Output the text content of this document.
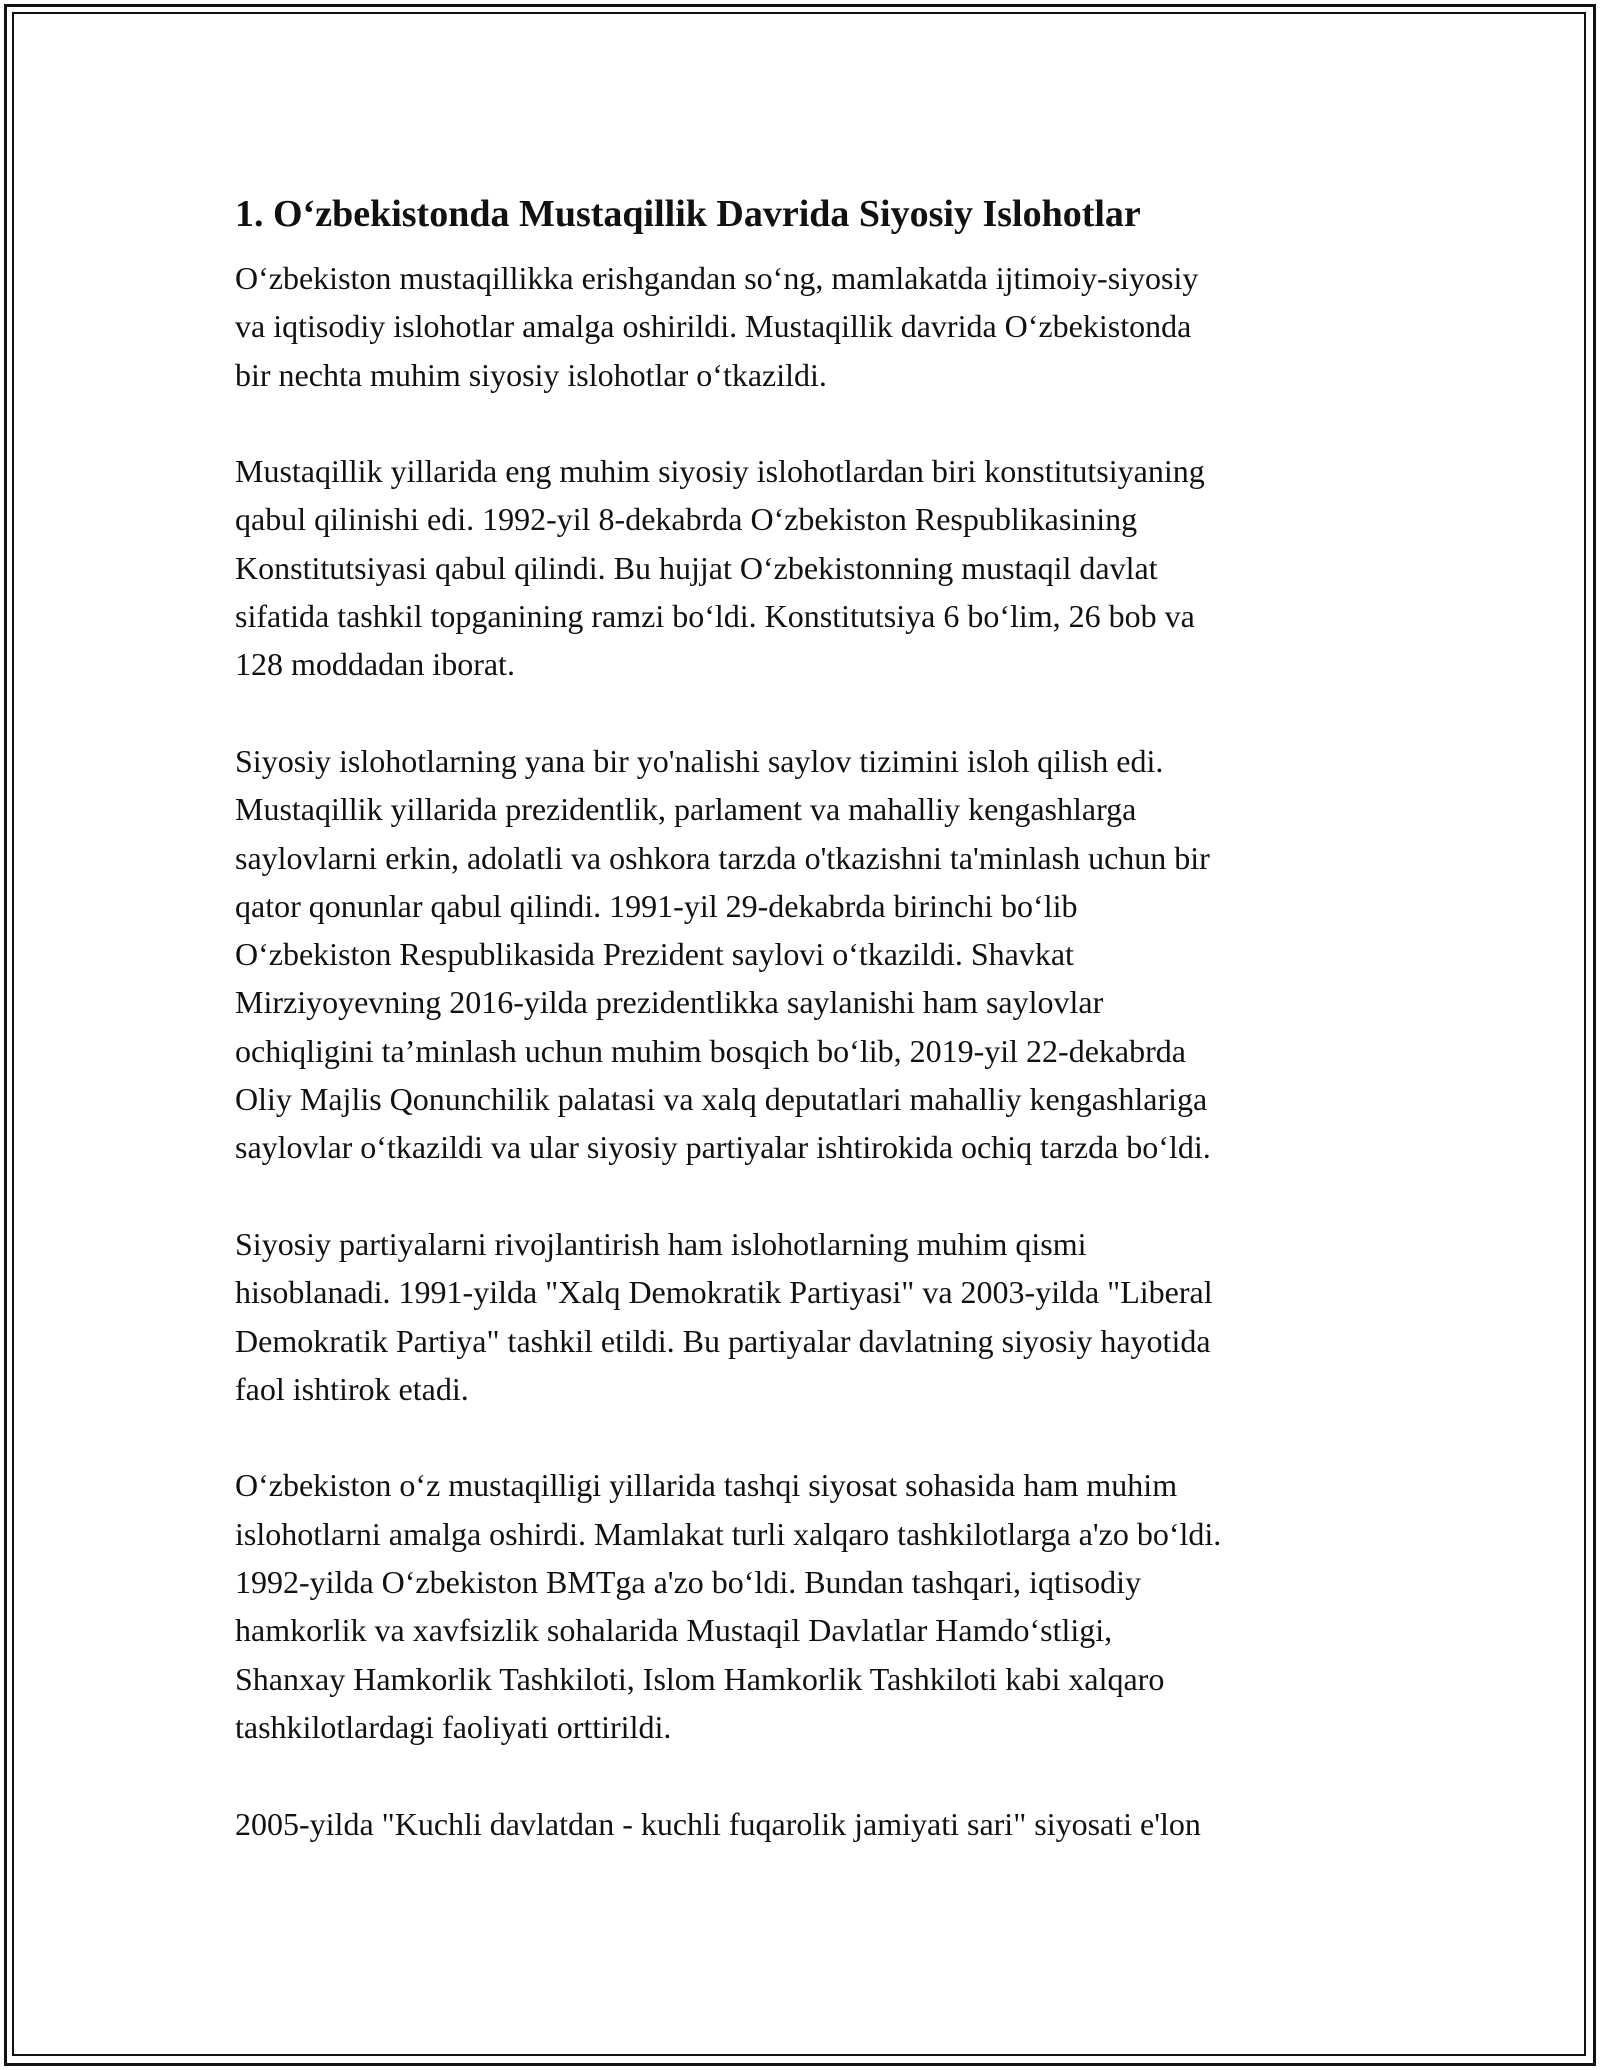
1. O‘zbekistonda Mustaqillik Davrida Siyosiy Islohotlar
O‘zbekiston mustaqillikka erishgandan so‘ng, mamlakatda ijtimoiy-siyosiy
va iqtisodiy islohotlar amalga oshirildi. Mustaqillik davrida O‘zbekistonda
bir nechta muhim siyosiy islohotlar o‘tkazildi.
Mustaqillik yillarida eng muhim siyosiy islohotlardan biri konstitutsiyaning
qabul qilinishi edi. 1992-yil 8-dekabrda O‘zbekiston Respublikasining
Konstitutsiyasi qabul qilindi. Bu hujjat O‘zbekistonning mustaqil davlat
sifatida tashkil topganining ramzi bo‘ldi. Konstitutsiya 6 bo‘lim, 26 bob va
128 moddadan iborat.
Siyosiy islohotlarning yana bir yo'nalishi saylov tizimini isloh qilish edi.
Mustaqillik yillarida prezidentlik, parlament va mahalliy kengashlarga
saylovlarni erkin, adolatli va oshkora tarzda o'tkazishni ta'minlash uchun bir
qator qonunlar qabul qilindi. 1991-yil 29-dekabrda birinchi bo‘lib
O‘zbekiston Respublikasida Prezident saylovi o‘tkazildi. Shavkat
Mirziyoyevning 2016-yilda prezidentlikka saylanishi ham saylovlar
ochiqligini ta’minlash uchun muhim bosqich bo‘lib, 2019-yil 22-dekabrda
Oliy Majlis Qonunchilik palatasi va xalq deputatlari mahalliy kengashlariga
saylovlar o‘tkazildi va ular siyosiy partiyalar ishtirokida ochiq tarzda bo‘ldi.
Siyosiy partiyalarni rivojlantirish ham islohotlarning muhim qismi
hisoblanadi. 1991-yilda "Xalq Demokratik Partiyasi" va 2003-yilda "Liberal
Demokratik Partiya" tashkil etildi. Bu partiyalar davlatning siyosiy hayotida
faol ishtirok etadi.
O‘zbekiston o‘z mustaqilligi yillarida tashqi siyosat sohasida ham muhim
islohotlarni amalga oshirdi. Mamlakat turli xalqaro tashkilotlarga a'zo bo‘ldi.
1992-yilda O‘zbekiston BMTga a'zo bo‘ldi. Bundan tashqari, iqtisodiy
hamkorlik va xavfsizlik sohalarida Mustaqil Davlatlar Hamdo‘stligi,
Shanxay Hamkorlik Tashkiloti, Islom Hamkorlik Tashkiloti kabi xalqaro
tashkilotlardagi faoliyati orttirildi.
2005-yilda "Kuchli davlatdan - kuchli fuqarolik jamiyati sari" siyosati e'lon
